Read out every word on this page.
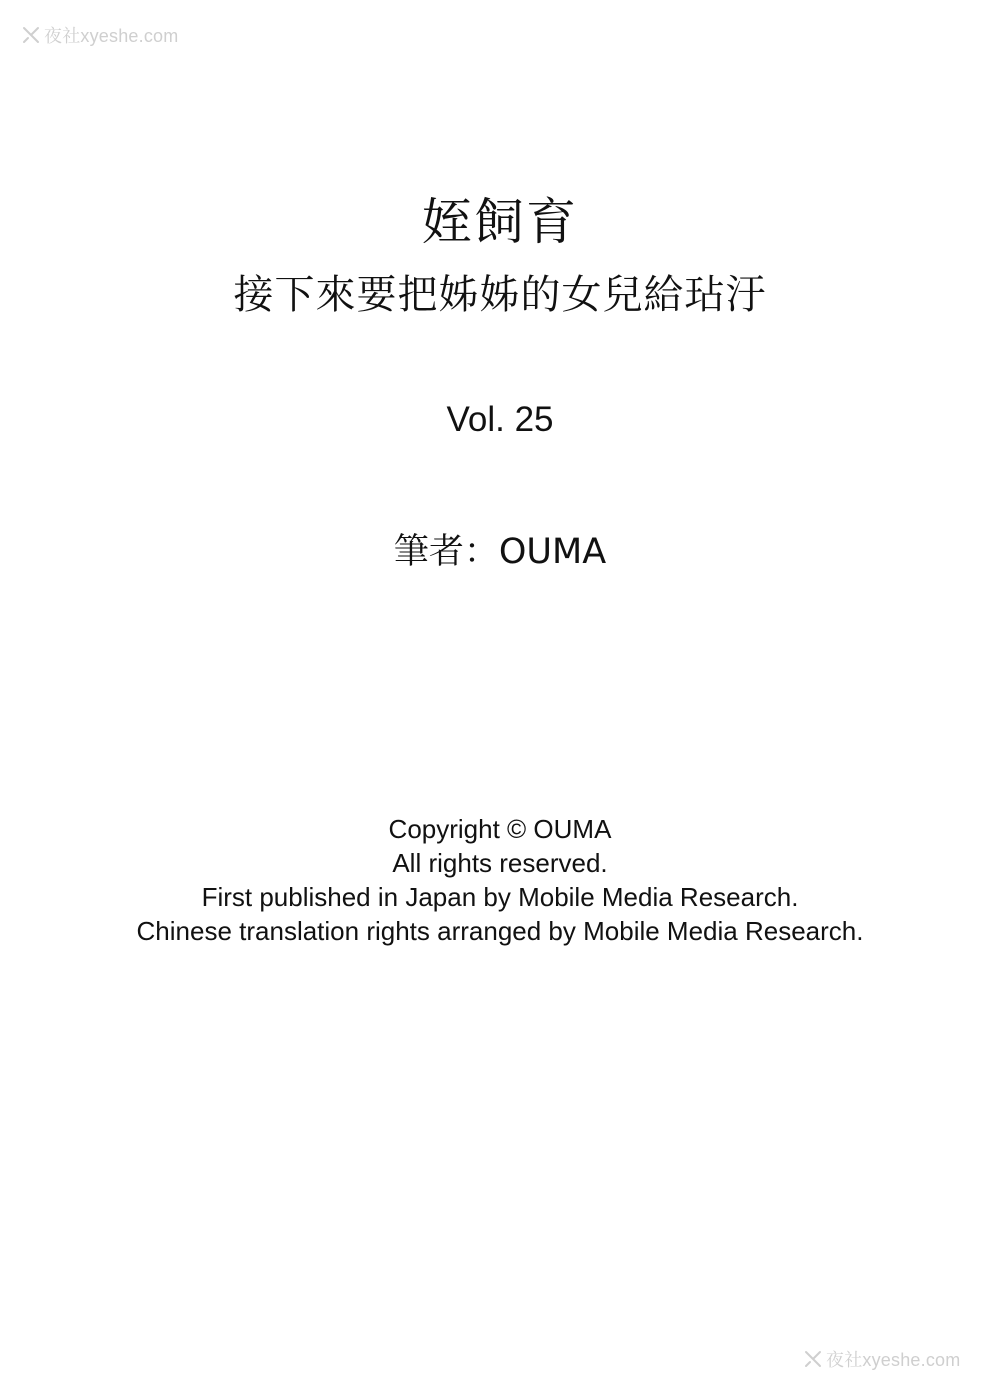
夜社xyeshe.com
姪飼育
接下來要把姊姊的女兒給玷汙
Vol. 25
筆者：OUMA
Copyright © OUMA
All rights reserved.
First published in Japan by Mobile Media Research.
Chinese translation rights arranged by Mobile Media Research.
夜社xyeshe.com
